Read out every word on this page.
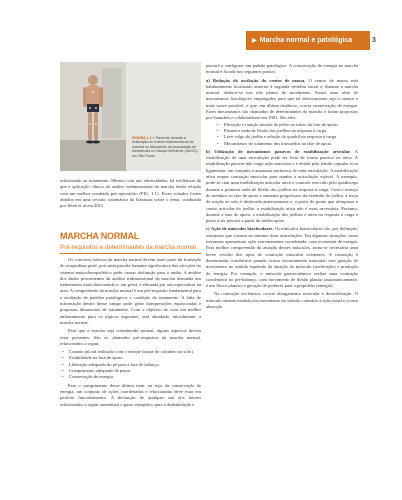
▶ Marcha normal e patológica	3
FIGURA 1.1 > Paciente durante a realização do exame tridimensional da marcha no laboratório da Associação de Assistência à Criança Deficiente (AACD), em São Paulo.
relacionado ao tratamento. Mesmo com tais adversidades, há evidências de que a aplicação clínica da análise tridimensional da marcha tenha relação com um melhor resultado pós-operatório (FIG. 1.1). Esses achados foram obtidos em uma revisão sistemática da literatura sobre o tema, conduzida por Wren et al em 2011.
MARCHA NORMAL
Pré-requisitos e determinantes da marcha normal
Os conceitos básicos da marcha normal devem fazer parte da formação do ortopedista geral, pois uma parcela bastante significativa das afecções do sistema musculoesquelético pode causar disfunção para o andar. A análise dos dados provenientes da análise tridimensional da marcha demanda um treinamento mais direcionado e, em geral, é efetuada por um especialista na área. A compreensão da marcha normal é um pré-requisito fundamental para a avaliação de padrões patológicos e condição de tratamento. A falta de informação dentro desse campo pode gerar interpretações equivocadas e propostas desastrosas de tratamento. Com o objetivo de criar um melhor embasamento para os tópicos seguintes, será abordada, inicialmente, a marcha normal.
Para que a marcha seja considerada normal, alguns aspectos devem estar presentes. São os chamados pré-requisitos da marcha normal, relacionados a seguir.
• Contato inicial realizado com o retropé (toque do calcâneo no solo).
• Estabilidade na fase de apoio.
• Liberação adequada do pé para a fase de balanço.
• Comprimento adequado de passo.
• Conservação de energia.
Para o cumprimento desse último item, ou seja, da conservação de energia, um conjunto de ações coordenadas e relacionadas deve estar em perfeito funcionamento. A disfunção de qualquer um dos fatores relacionados a seguir aumentará o gasto energético para a deambulação e
passará a configurar um padrão patológico. A conservação de energia na marcha normal é focada nos seguintes pontos:
a) Redução da oscilação do centro de massa. O centro de massa está habitualmente localizado anterior à segunda vértebra sacral e, durante a marcha normal, desloca-se nos três planos de movimento. Existe uma série de mecanismos fisiológicos empregados para que tal deslocamento seja o menor e mais suave possível, e que, em última instância, ocorra conservação de energia. Esses mecanismos são chamados de determinantes da marcha e foram propostos por Saunders e colaboradores em 1981. São eles:
• Elevação e rotação interna da pelve no início da fase de apoio.
• Primeiro onda de flexão dos joelhos na resposta à carga.
• Leve valgo do joelho e adução do quadril na resposta à carga.
• Mecanismos de rolamento dos tornozelos na fase de apoio.
b) Utilização de mecanismos passivos de estabilização articular. A estabilização de uma articulação pode ser feita de forma passiva ou ativa. A estabilização passiva não exige ação muscular e é obtida pela tensão capsular e/ou ligamentar, em conjunto à anatomia intrínseca de cada articulação. A estabilização ativa requer contração muscular para manter a articulação estável. A exemplo, pode-se citar uma estabilização articular ativa o controle exercido pelo quadríceps durante a primeira onda de flexão dos joelhos na resposta à carga. Com o avanço do membro na fase de apoio e aumento progressivo da extensão do joelho, a força de reação ao solo é deslocada anteriormente e, a partir do ponto que ultrapassa o centro articular do joelho, a estabilização ativa não é mais necessária. Portanto, durante a fase de apoio, a estabilização dos joelhos é ativa na resposta à carga e passa a ser passiva a partir do médio apoio.
c) Ação de músculos biarticulares. Os músculos biarticulares são, por definição, estruturas que cruzam no mínimo duas articulações. Em algumas situações, esses estruturas apresentam ação extremamente coordenada, com economia de energia. Para melhor compreensão da atuação desses músculos, torna-se necessária uma breve revisão dos tipos de contração muscular existentes. A contração é denominada concêntrica quando ocorre encurtamento muscular com geração de movimento no sentido esperado da atuação do músculo (aceleração) e produção de energia. Por exemplo, o músculo gastrocnêmico realiza uma contração concêntrica no pré-balanço, com movimento de flexão plantar (automaticamente, é um flexor plantar) e geração de potência para a propulsão (energia).
Na contração excêntrica, ocorre alongamento muscular e desaceleração. O músculo atuante modula um movimento no sentido contrário à ação usual e ocorre absorção
